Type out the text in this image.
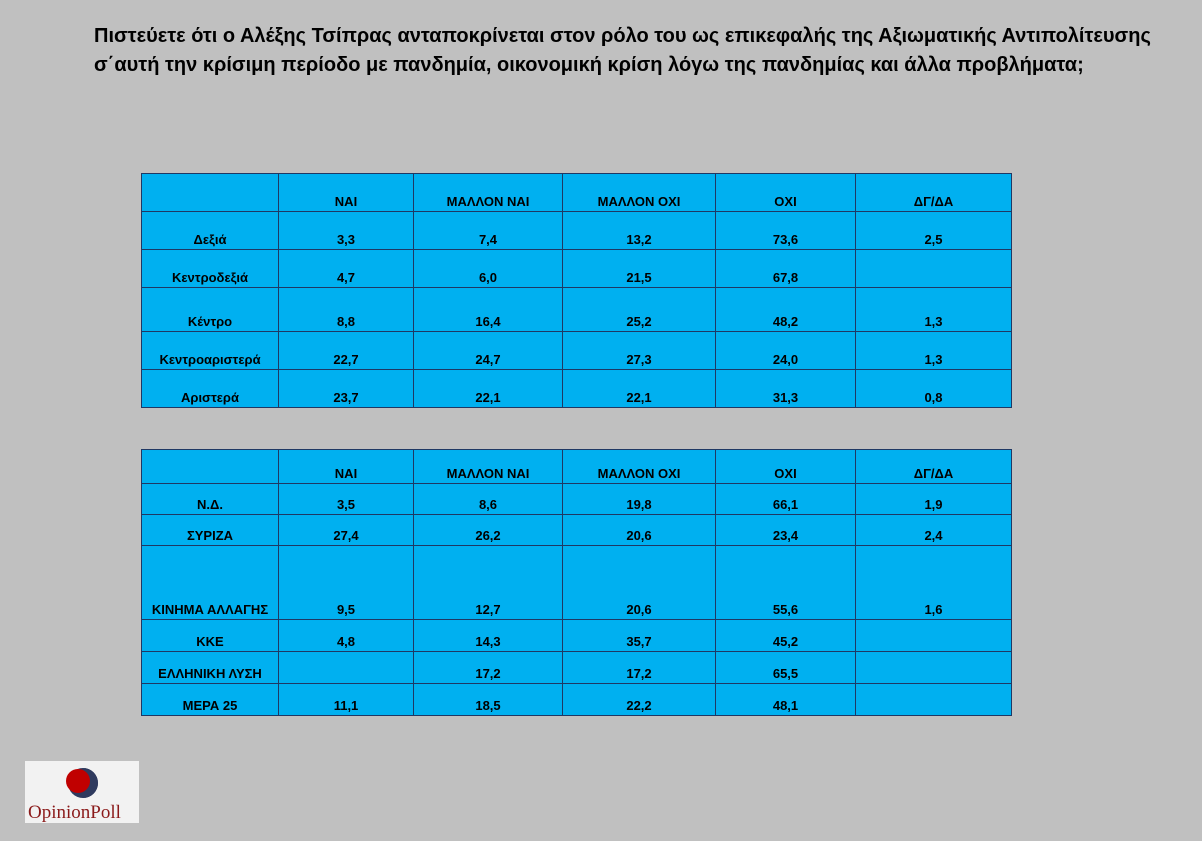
Πιστεύετε ότι ο Αλέξης Τσίπρας ανταποκρίνεται στον ρόλο του ως επικεφαλής της Αξιωματικής Αντιπολίτευσης σ΄αυτή την κρίσιμη περίοδο με πανδημία, οικονομική κρίση λόγω της πανδημίας και άλλα προβλήματα;
	ΝΑΙ	ΜΑΛΛΟΝ ΝΑΙ	ΜΑΛΛΟΝ ΟΧΙ	ΟΧΙ	ΔΓ/ΔΑ
Δεξιά	3,3	7,4	13,2	73,6	2,5
Κεντροδεξιά	4,7	6,0	21,5	67,8	
Κέντρο	8,8	16,4	25,2	48,2	1,3
Κεντροαριστερά	22,7	24,7	27,3	24,0	1,3
Αριστερά	23,7	22,1	22,1	31,3	0,8
	ΝΑΙ	ΜΑΛΛΟΝ ΝΑΙ	ΜΑΛΛΟΝ ΟΧΙ	ΟΧΙ	ΔΓ/ΔΑ
Ν.Δ.	3,5	8,6	19,8	66,1	1,9
ΣΥΡΙΖΑ	27,4	26,2	20,6	23,4	2,4
ΚΙΝΗΜΑ ΑΛΛΑΓΗΣ	9,5	12,7	20,6	55,6	1,6
ΚΚΕ	4,8	14,3	35,7	45,2	
ΕΛΛΗΝΙΚΗ ΛΥΣΗ		17,2	17,2	65,5	
ΜΕΡΑ 25	11,1	18,5	22,2	48,1	
OpinionPoll
